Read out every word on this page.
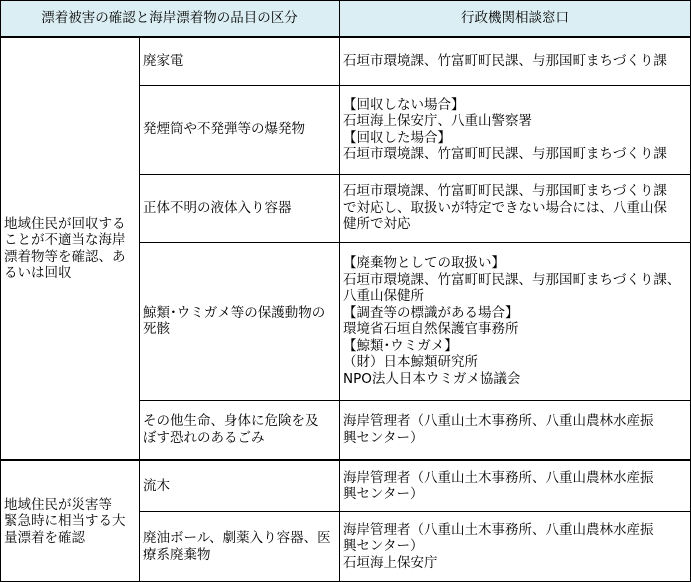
漂着被害の確認と海岸漂着物の品目の区分	行政機関相談窓口
地域住民が回収する
ことが不適当な海岸
漂着物等を確認、あ
るいは回収
地域住民が災害等
緊急時に相当する大
量漂着を確認
廃家電
発煙筒や不発弾等の爆発物
正体不明の液体入り容器
鯨類･ウミガメ等の保護動物の
死骸
その他生命、身体に危険を及
ぼす恐れのあるごみ
流木
廃油ボール、劇薬入り容器、医
療系廃棄物
石垣市環境課、竹富町町民課、与那国町まちづくり課
【回収しない場合】
石垣海上保安庁、八重山警察署
【回収した場合】
石垣市環境課、竹富町町民課、与那国町まちづくり課
石垣市環境課、竹富町町民課、与那国町まちづくり課
で対応し、取扱いが特定できない場合には、八重山保
健所で対応
【廃棄物としての取扱い】
石垣市環境課、竹富町町民課、与那国町まちづくり課、
八重山保健所
【調査等の標識がある場合】
環境省石垣自然保護官事務所
【鯨類･ウミガメ】
（財）日本鯨類研究所
NPO法人日本ウミガメ協議会
海岸管理者（八重山土木事務所、八重山農林水産振
興センター）
海岸管理者（八重山土木事務所、八重山農林水産振
興センター）
海岸管理者（八重山土木事務所、八重山農林水産振
興センター）
石垣海上保安庁
